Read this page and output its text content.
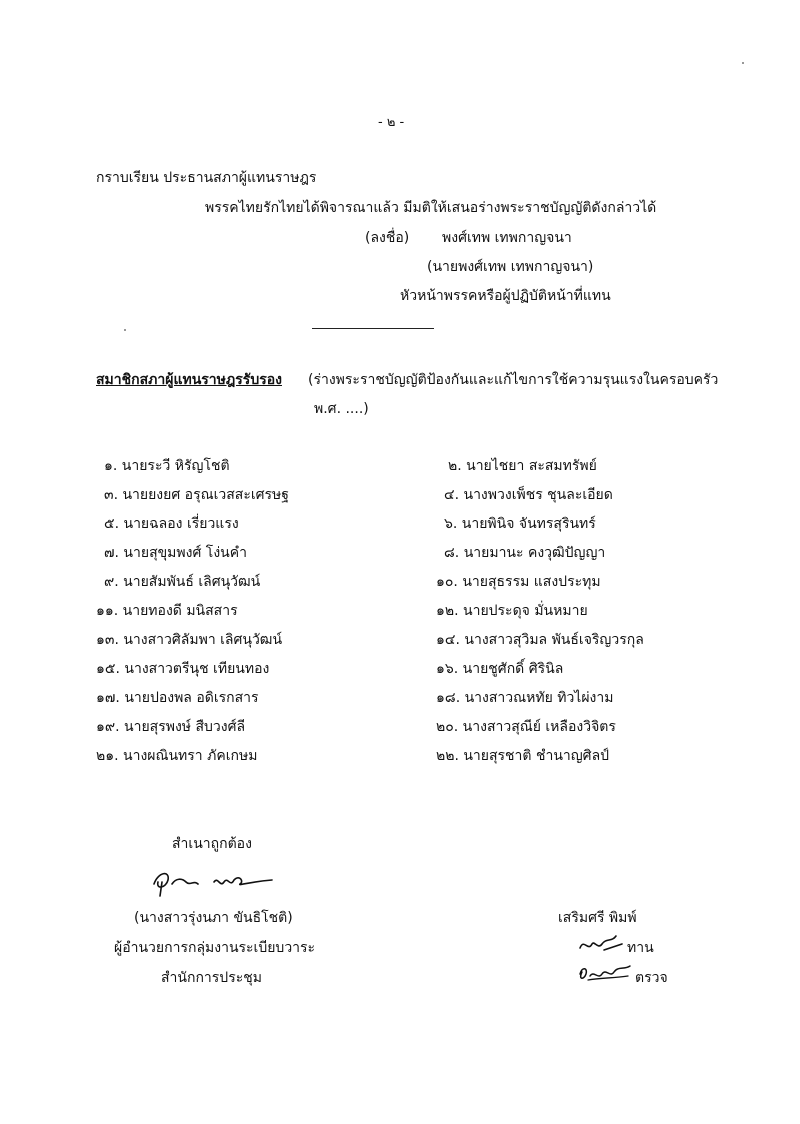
- ๒ -
กราบเรียน ประธานสภาผู้แทนราษฎร
พรรคไทยรักไทยได้พิจารณาแล้ว มีมติให้เสนอร่างพระราชบัญญัติดังกล่าวได้
(ลงชื่อ) พงศ์เทพ เทพกาญจนา
(นายพงศ์เทพ เทพกาญจนา)
หัวหน้าพรรคหรือผู้ปฏิบัติหน้าที่แทน
สมาชิกสภาผู้แทนราษฎรรับรอง (ร่างพระราชบัญญัติป้องกันและแก้ไขการใช้ความรุนแรงในครอบครัว
พ.ศ. ....)
๑. นายระวี หิรัญโชติ
๓. นายยงยศ อรุณเวสสะเศรษฐ
๕. นายฉลอง เรี่ยวแรง
๗. นายสุขุมพงศ์ โง่นคำ
๙. นายสัมพันธ์ เลิศนุวัฒน์
๑๑. นายทองดี มนิสสาร
๑๓. นางสาวศิลัมพา เลิศนุวัฒน์
๑๕. นางสาวตรีนุช เทียนทอง
๑๗. นายปองพล อดิเรกสาร
๑๙. นายสุรพงษ์ สืบวงศ์ลี
๒๑. นางผณินทรา ภัคเกษม
๒. นายไชยา สะสมทรัพย์
๔. นางพวงเพ็ชร ชุนละเอียด
๖. นายพินิจ จันทรสุรินทร์
๘. นายมานะ คงวุฒิปัญญา
๑๐. นายสุธรรม แสงประทุม
๑๒. นายประดุจ มั่นหมาย
๑๔. นางสาวสุวิมล พันธ์เจริญวรกุล
๑๖. นายชูศักดิ์ ศิรินิล
๑๘. นางสาวณหทัย ทิวไผ่งาม
๒๐. นางสาวสุณีย์ เหลืองวิจิตร
๒๒. นายสุรชาติ ชำนาญศิลป์
สำเนาถูกต้อง
(นางสาวรุ่งนภา ขันธิโชติ)
ผู้อำนวยการกลุ่มงานระเบียบวาระ
สำนักการประชุม
เสริมศรี พิมพ์
ทาน
ตรวจ
